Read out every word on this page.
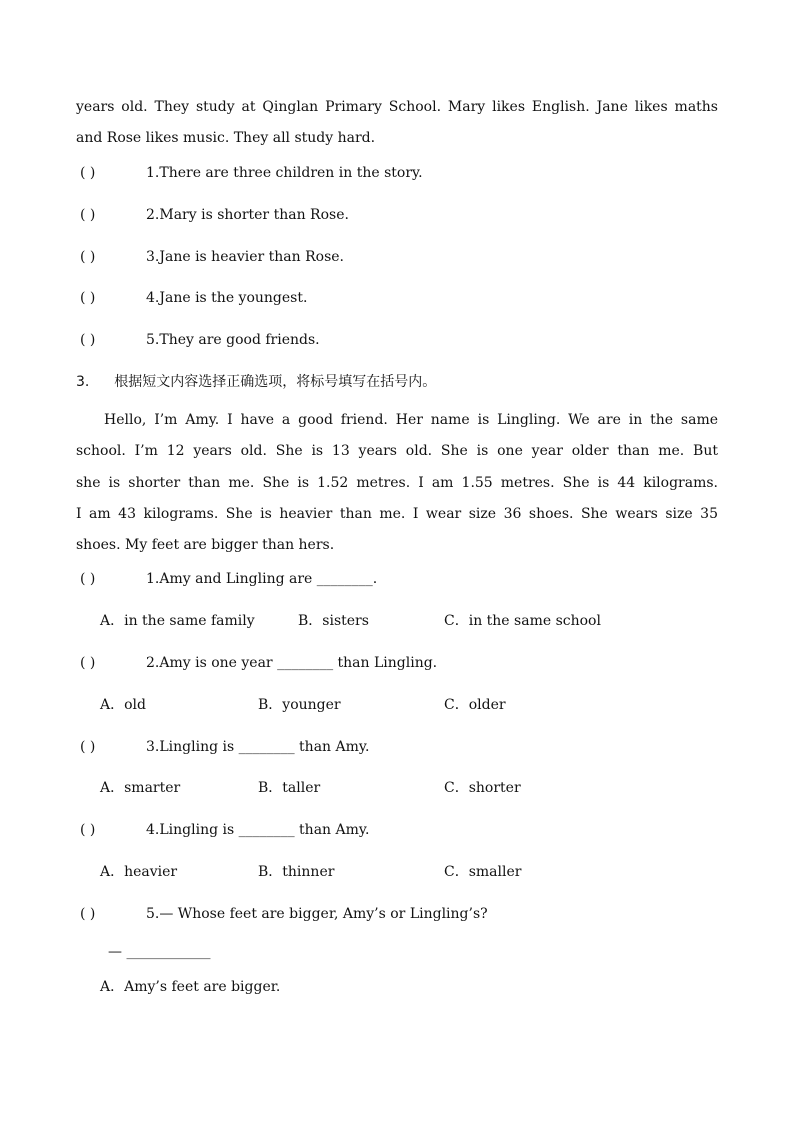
years old. They study at Qinglan Primary School. Mary likes English. Jane likes maths
and Rose likes music. They all study hard.
( )	1.There are three children in the story.
( )	2.Mary is shorter than Rose.
( )	3.Jane is heavier than Rose.
( )	4.Jane is the youngest.
( )	5.They are good friends.
3. 根据短文内容选择正确选项，将标号填写在括号内。
Hello, I’m Amy. I have a good friend. Her name is Lingling. We are in the same
school. I’m 12 years old. She is 13 years old. She is one year older than me. But
she is shorter than me. She is 1.52 metres. I am 1.55 metres. She is 44 kilograms.
I am 43 kilograms. She is heavier than me. I wear size 36 shoes. She wears size 35
shoes. My feet are bigger than hers.
( )	1.Amy and Lingling are ________.
A．in the same family	B．sisters	C．in the same school
( )	2.Amy is one year ________ than Lingling.
A．old	B．younger	C．older
( )	3.Lingling is ________ than Amy.
A．smarter	B．taller	C．shorter
( )	4.Lingling is ________ than Amy.
A．heavier	B．thinner	C．smaller
( )	5.— Whose feet are bigger, Amy’s or Lingling’s?
— ____________
A．Amy’s feet are bigger.
